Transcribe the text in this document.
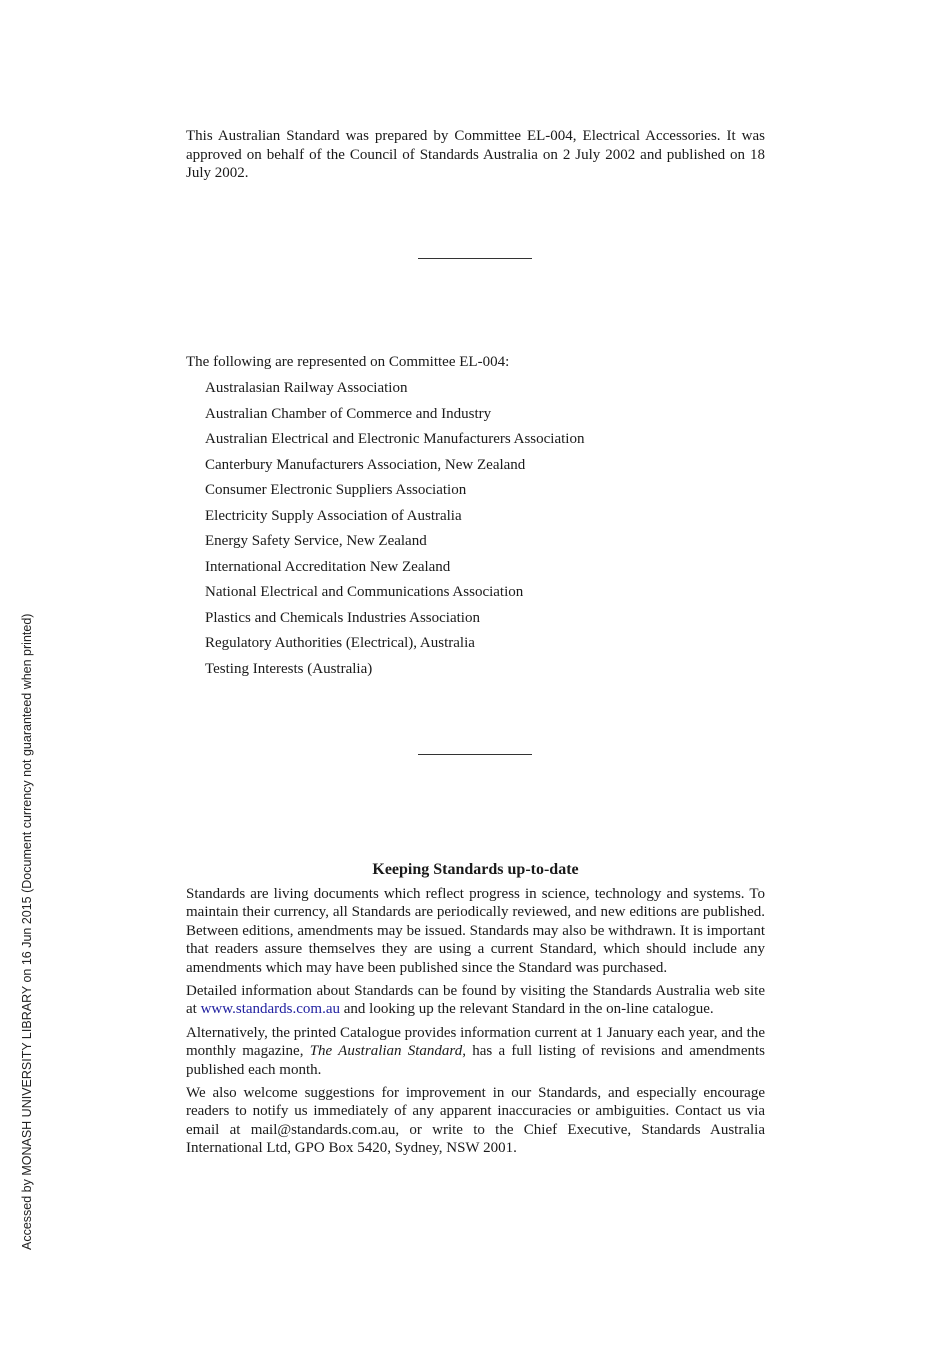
Accessed by MONASH UNIVERSITY LIBRARY on 16 Jun 2015 (Document currency not guaranteed when printed)
This Australian Standard was prepared by Committee EL-004, Electrical Accessories. It was approved on behalf of the Council of Standards Australia on 2 July 2002 and published on 18 July 2002.
The following are represented on Committee EL-004:
Australasian Railway Association
Australian Chamber of Commerce and Industry
Australian Electrical and Electronic Manufacturers Association
Canterbury Manufacturers Association, New Zealand
Consumer Electronic Suppliers Association
Electricity Supply Association of Australia
Energy Safety Service, New Zealand
International Accreditation New Zealand
National Electrical and Communications Association
Plastics and Chemicals Industries Association
Regulatory Authorities (Electrical), Australia
Testing Interests (Australia)
Keeping Standards up-to-date

Standards are living documents which reflect progress in science, technology and systems. To maintain their currency, all Standards are periodically reviewed, and new editions are published. Between editions, amendments may be issued. Standards may also be withdrawn. It is important that readers assure themselves they are using a current Standard, which should include any amendments which may have been published since the Standard was purchased.

Detailed information about Standards can be found by visiting the Standards Australia web site at www.standards.com.au and looking up the relevant Standard in the on-line catalogue.

Alternatively, the printed Catalogue provides information current at 1 January each year, and the monthly magazine, The Australian Standard, has a full listing of revisions and amendments published each month.

We also welcome suggestions for improvement in our Standards, and especially encourage readers to notify us immediately of any apparent inaccuracies or ambiguities. Contact us via email at mail@standards.com.au, or write to the Chief Executive, Standards Australia International Ltd, GPO Box 5420, Sydney, NSW 2001.
